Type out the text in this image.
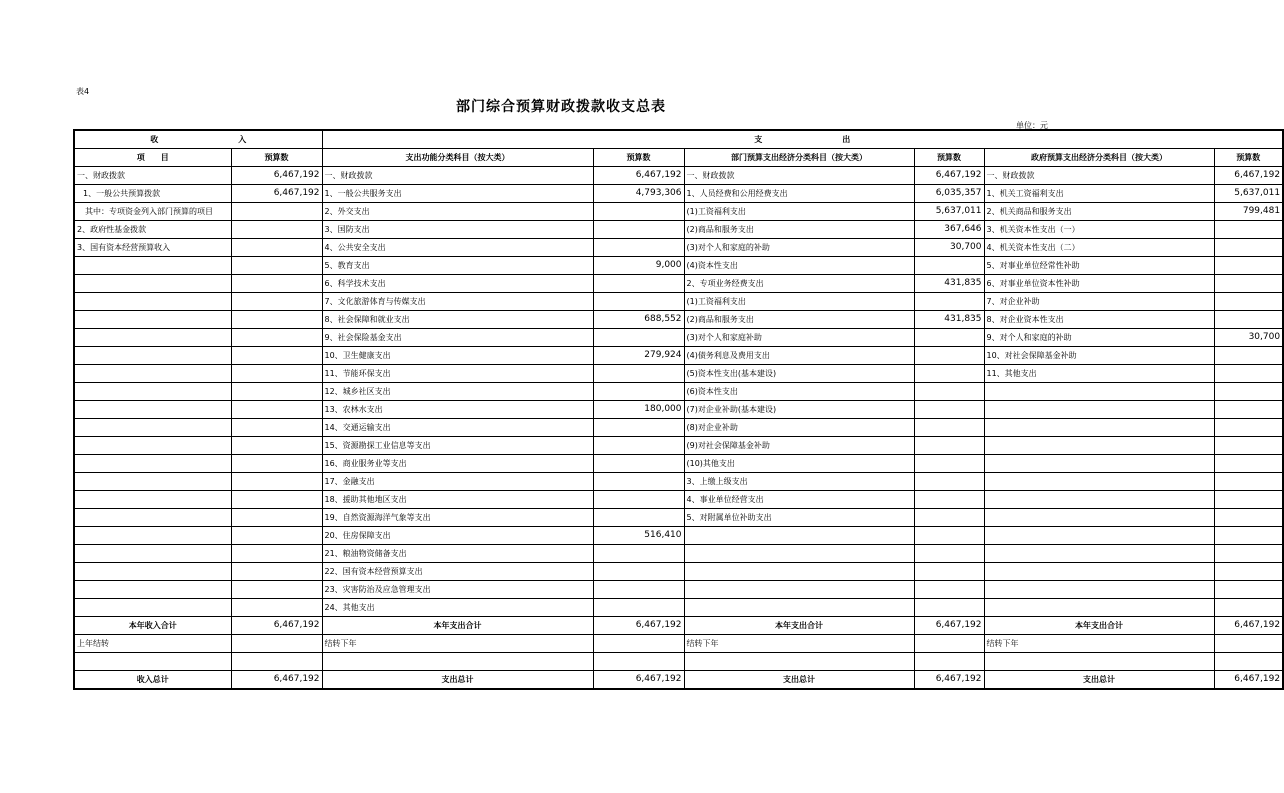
表4
部门综合预算财政拨款收支总表
单位：元
收　　　　　　　　　　入		支　　　　　　　　　　出					
项　　目	预算数	支出功能分类科目（按大类）	预算数	部门预算支出经济分类科目（按大类）	预算数	政府预算支出经济分类科目（按大类）	预算数
一、财政拨款	6,467,192	一、财政拨款	6,467,192	一、财政拨款	6,467,192	一、财政拨款	6,467,192
1、一般公共预算拨款	6,467,192	1、一般公共服务支出	4,793,306	1、人员经费和公用经费支出	6,035,357	1、机关工资福利支出	5,637,011
其中：专项资金列入部门预算的项目		2、外交支出		(1)工资福利支出	5,637,011	2、机关商品和服务支出	799,481
2、政府性基金拨款		3、国防支出		(2)商品和服务支出	367,646	3、机关资本性支出（一）	
3、国有资本经营预算收入		4、公共安全支出		(3)对个人和家庭的补助	30,700	4、机关资本性支出（二）	
		5、教育支出	9,000	(4)资本性支出		5、对事业单位经常性补助	
		6、科学技术支出		2、专项业务经费支出	431,835	6、对事业单位资本性补助	
		7、文化旅游体育与传媒支出		(1)工资福利支出		7、对企业补助	
		8、社会保障和就业支出	688,552	(2)商品和服务支出	431,835	8、对企业资本性支出	
		9、社会保险基金支出		(3)对个人和家庭补助		9、对个人和家庭的补助	30,700
		10、卫生健康支出	279,924	(4)债务利息及费用支出		10、对社会保障基金补助	
		11、节能环保支出		(5)资本性支出(基本建设)		11、其他支出	
		12、城乡社区支出		(6)资本性支出			
		13、农林水支出	180,000	(7)对企业补助(基本建设)			
		14、交通运输支出		(8)对企业补助			
		15、资源勘探工业信息等支出		(9)对社会保障基金补助			
		16、商业服务业等支出		(10)其他支出			
		17、金融支出		3、上缴上级支出			
		18、援助其他地区支出		4、事业单位经营支出			
		19、自然资源海洋气象等支出		5、对附属单位补助支出			
		20、住房保障支出	516,410				
		21、粮油物资储备支出					
		22、国有资本经营预算支出					
		23、灾害防治及应急管理支出					
		24、其他支出					
本年收入合计	6,467,192	本年支出合计	6,467,192	本年支出合计	6,467,192	本年支出合计	6,467,192
上年结转		结转下年		结转下年		结转下年	

收入总计	6,467,192	支出总计	6,467,192	支出总计	6,467,192	支出总计	6,467,192
